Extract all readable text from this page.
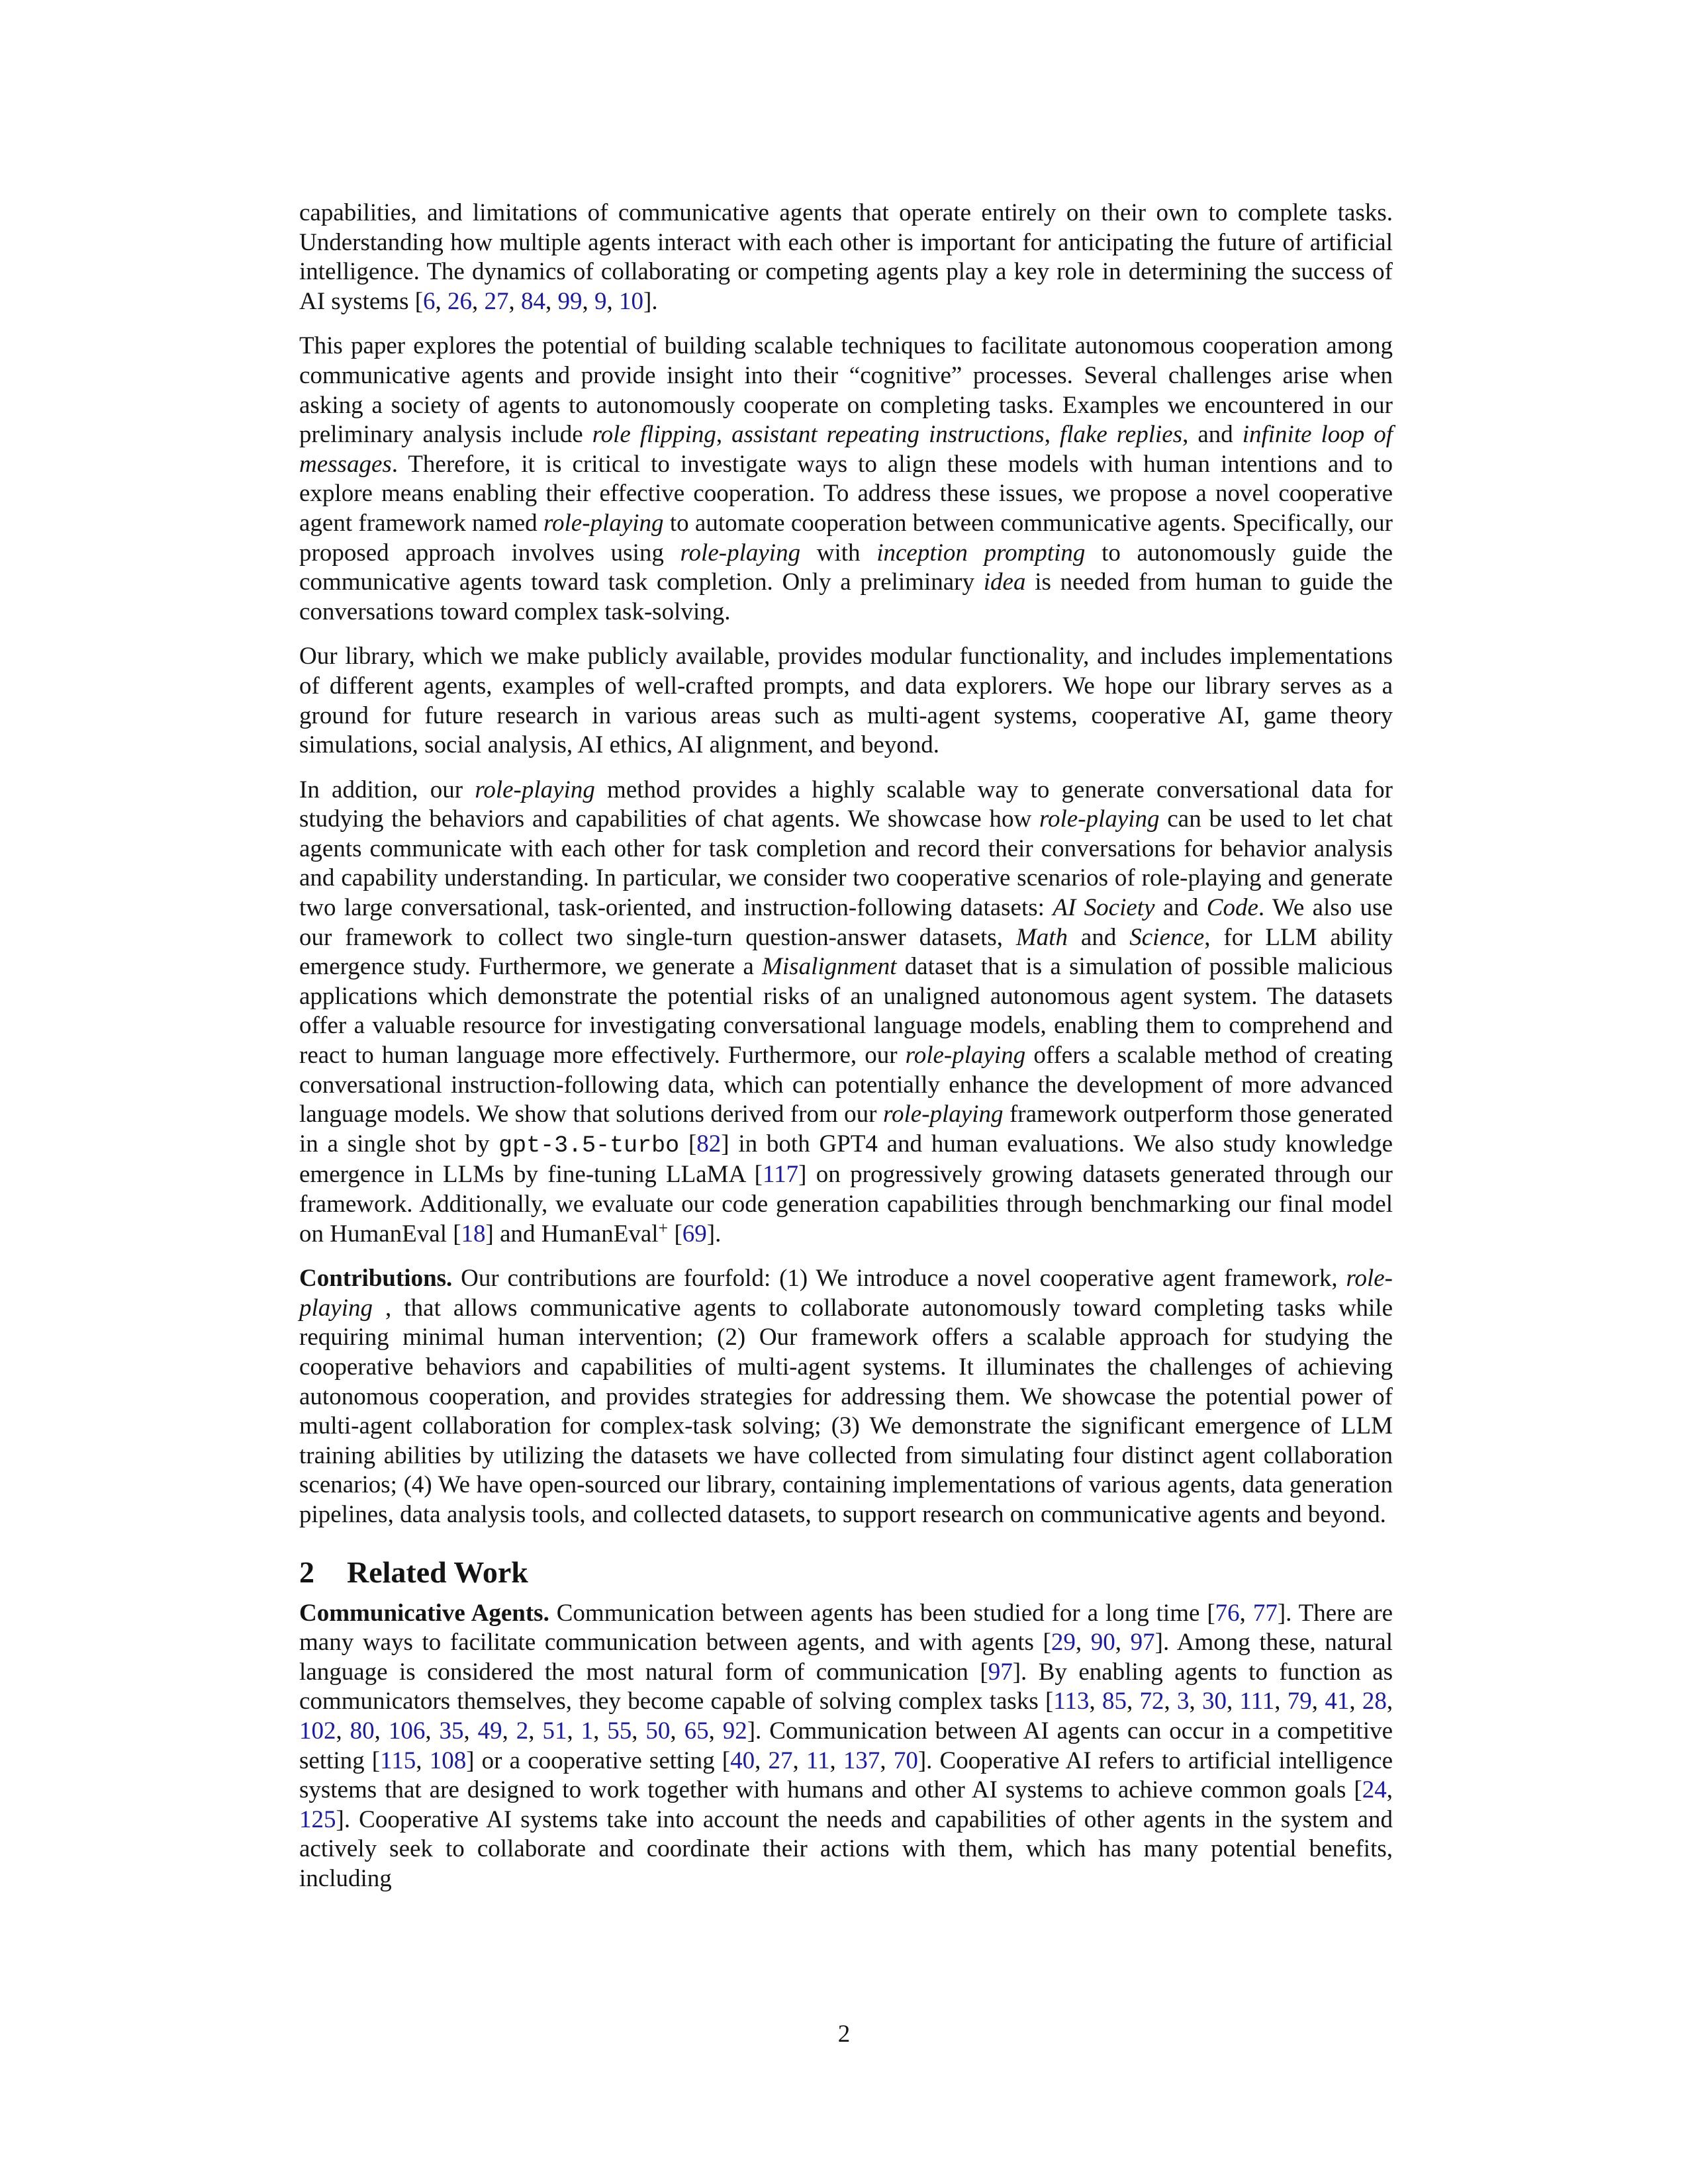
capabilities, and limitations of communicative agents that operate entirely on their own to complete tasks. Understanding how multiple agents interact with each other is important for anticipating the future of artificial intelligence. The dynamics of collaborating or competing agents play a key role in determining the success of AI systems [6, 26, 27, 84, 99, 9, 10].

This paper explores the potential of building scalable techniques to facilitate autonomous cooperation among communicative agents and provide insight into their “cognitive” processes. Several challenges arise when asking a society of agents to autonomously cooperate on completing tasks. Examples we encountered in our preliminary analysis include role flipping, assistant repeating instructions, flake replies, and infinite loop of messages. Therefore, it is critical to investigate ways to align these models with human intentions and to explore means enabling their effective cooperation. To address these issues, we propose a novel cooperative agent framework named role-playing to automate cooperation between communicative agents. Specifically, our proposed approach involves using role-playing with inception prompting to autonomously guide the communicative agents toward task completion. Only a preliminary idea is needed from human to guide the conversations toward complex task-solving.

Our library, which we make publicly available, provides modular functionality, and includes implementations of different agents, examples of well-crafted prompts, and data explorers. We hope our library serves as a ground for future research in various areas such as multi-agent systems, cooperative AI, game theory simulations, social analysis, AI ethics, AI alignment, and beyond.

In addition, our role-playing method provides a highly scalable way to generate conversational data for studying the behaviors and capabilities of chat agents. We showcase how role-playing can be used to let chat agents communicate with each other for task completion and record their conversations for behavior analysis and capability understanding. In particular, we consider two cooperative scenarios of role-playing and generate two large conversational, task-oriented, and instruction-following datasets: AI Society and Code. We also use our framework to collect two single-turn question-answer datasets, Math and Science, for LLM ability emergence study. Furthermore, we generate a Misalignment dataset that is a simulation of possible malicious applications which demonstrate the potential risks of an unaligned autonomous agent system. The datasets offer a valuable resource for investigating conversational language models, enabling them to comprehend and react to human language more effectively. Furthermore, our role-playing offers a scalable method of creating conversational instruction-following data, which can potentially enhance the development of more advanced language models. We show that solutions derived from our role-playing framework outperform those generated in a single shot by gpt-3.5-turbo [82] in both GPT4 and human evaluations. We also study knowledge emergence in LLMs by fine-tuning LLaMA [117] on progressively growing datasets generated through our framework. Additionally, we evaluate our code generation capabilities through benchmarking our final model on HumanEval [18] and HumanEval+ [69].

Contributions. Our contributions are fourfold: (1) We introduce a novel cooperative agent framework, role-playing , that allows communicative agents to collaborate autonomously toward completing tasks while requiring minimal human intervention; (2) Our framework offers a scalable approach for studying the cooperative behaviors and capabilities of multi-agent systems. It illuminates the challenges of achieving autonomous cooperation, and provides strategies for addressing them. We showcase the potential power of multi-agent collaboration for complex-task solving; (3) We demonstrate the significant emergence of LLM training abilities by utilizing the datasets we have collected from simulating four distinct agent collaboration scenarios; (4) We have open-sourced our library, containing implementations of various agents, data generation pipelines, data analysis tools, and collected datasets, to support research on communicative agents and beyond.

2 Related Work

Communicative Agents. Communication between agents has been studied for a long time [76, 77]. There are many ways to facilitate communication between agents, and with agents [29, 90, 97]. Among these, natural language is considered the most natural form of communication [97]. By enabling agents to function as communicators themselves, they become capable of solving complex tasks [113, 85, 72, 3, 30, 111, 79, 41, 28, 102, 80, 106, 35, 49, 2, 51, 1, 55, 50, 65, 92]. Communication between AI agents can occur in a competitive setting [115, 108] or a cooperative setting [40, 27, 11, 137, 70]. Cooperative AI refers to artificial intelligence systems that are designed to work together with humans and other AI systems to achieve common goals [24, 125]. Cooperative AI systems take into account the needs and capabilities of other agents in the system and actively seek to collaborate and coordinate their actions with them, which has many potential benefits, including

2
